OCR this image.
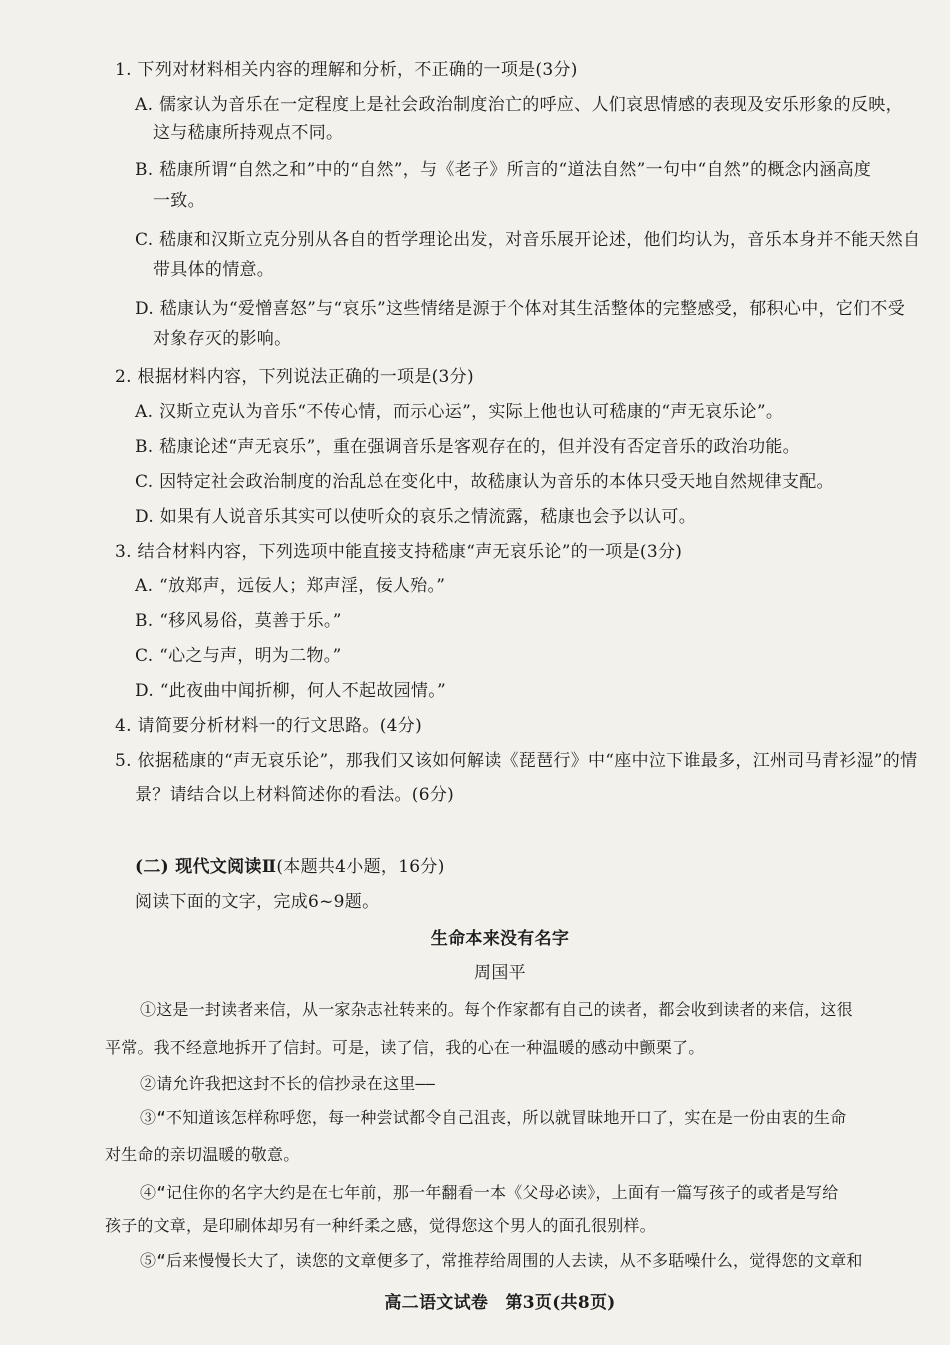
1. 下列对材料相关内容的理解和分析，不正确的一项是(3分)
A. 儒家认为音乐在一定程度上是社会政治制度治亡的呼应、人们哀思情感的表现及安乐形象的反映，
这与嵇康所持观点不同。
B. 嵇康所谓“自然之和”中的“自然”，与《老子》所言的“道法自然”一句中“自然”的概念内涵高度
一致。
C. 嵇康和汉斯立克分别从各自的哲学理论出发，对音乐展开论述，他们均认为，音乐本身并不能天然自
带具体的情意。
D. 嵇康认为“爱憎喜怒”与“哀乐”这些情绪是源于个体对其生活整体的完整感受，郁积心中，它们不受
对象存灭的影响。
2. 根据材料内容，下列说法正确的一项是(3分)
A. 汉斯立克认为音乐“不传心情，而示心运”，实际上他也认可嵇康的“声无哀乐论”。
B. 嵇康论述“声无哀乐”，重在强调音乐是客观存在的，但并没有否定音乐的政治功能。
C. 因特定社会政治制度的治乱总在变化中，故嵇康认为音乐的本体只受天地自然规律支配。
D. 如果有人说音乐其实可以使听众的哀乐之情流露，嵇康也会予以认可。
3. 结合材料内容，下列选项中能直接支持嵇康“声无哀乐论”的一项是(3分)
A. “放郑声，远佞人；郑声淫，佞人殆。”
B. “移风易俗，莫善于乐。”
C. “心之与声，明为二物。”
D. “此夜曲中闻折柳，何人不起故园情。”
4. 请简要分析材料一的行文思路。(4分)
5. 依据嵇康的“声无哀乐论”，那我们又该如何解读《琵琶行》中“座中泣下谁最多，江州司马青衫湿”的情
景？请结合以上材料简述你的看法。(6分)
(二) 现代文阅读Ⅱ(本题共4小题，16分)
阅读下面的文字，完成6~9题。
生命本来没有名字
周国平
①这是一封读者来信，从一家杂志社转来的。每个作家都有自己的读者，都会收到读者的来信，这很
平常。我不经意地拆开了信封。可是，读了信，我的心在一种温暖的感动中颤栗了。
②请允许我把这封不长的信抄录在这里——
③“不知道该怎样称呼您，每一种尝试都令自己沮丧，所以就冒昧地开口了，实在是一份由衷的生命
对生命的亲切温暖的敬意。
④“记住你的名字大约是在七年前，那一年翻看一本《父母必读》，上面有一篇写孩子的或者是写给
孩子的文章，是印刷体却另有一种纤柔之感，觉得您这个男人的面孔很别样。
⑤“后来慢慢长大了，读您的文章便多了，常推荐给周围的人去读，从不多聒噪什么，觉得您的文章和
高二语文试卷　第3页(共8页)
